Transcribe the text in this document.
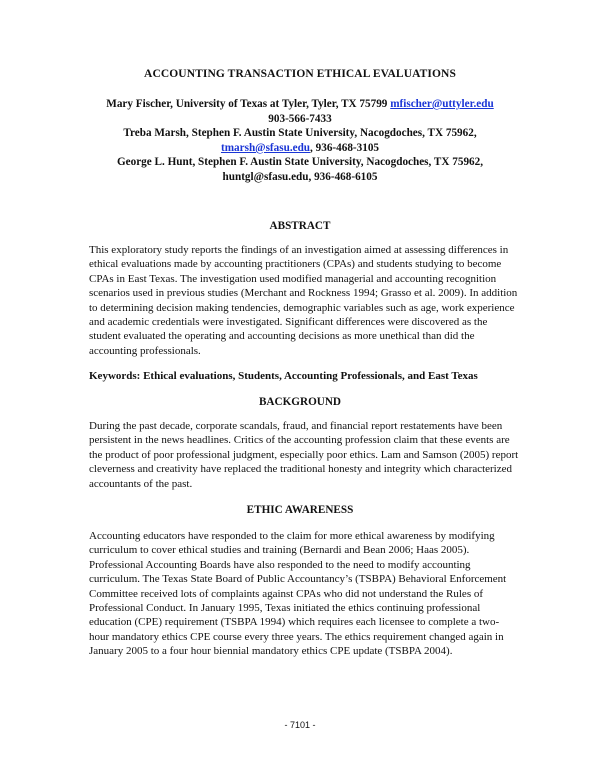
ACCOUNTING TRANSACTION ETHICAL EVALUATIONS

Mary Fischer, University of Texas at Tyler, Tyler, TX 75799 mfischer@uttyler.edu
903-566-7433
Treba Marsh, Stephen F. Austin State University, Nacogdoches, TX 75962,
tmarsh@sfasu.edu, 936-468-3105
George L. Hunt, Stephen F. Austin State University, Nacogdoches, TX 75962,
huntgl@sfasu.edu, 936-468-6105

ABSTRACT

This exploratory study reports the findings of an investigation aimed at assessing differences in ethical evaluations made by accounting practitioners (CPAs) and students studying to become CPAs in East Texas. The investigation used modified managerial and accounting recognition scenarios used in previous studies (Merchant and Rockness 1994; Grasso et al. 2009). In addition to determining decision making tendencies, demographic variables such as age, work experience and academic credentials were investigated. Significant differences were discovered as the student evaluated the operating and accounting decisions as more unethical than did the accounting professionals.

Keywords: Ethical evaluations, Students, Accounting Professionals, and East Texas

BACKGROUND

During the past decade, corporate scandals, fraud, and financial report restatements have been persistent in the news headlines. Critics of the accounting profession claim that these events are the product of poor professional judgment, especially poor ethics. Lam and Samson (2005) report cleverness and creativity have replaced the traditional honesty and integrity which characterized accountants of the past.

ETHIC AWARENESS

Accounting educators have responded to the claim for more ethical awareness by modifying curriculum to cover ethical studies and training (Bernardi and Bean 2006; Haas 2005). Professional Accounting Boards have also responded to the need to modify accounting curriculum. The Texas State Board of Public Accountancy’s (TSBPA) Behavioral Enforcement Committee received lots of complaints against CPAs who did not understand the Rules of Professional Conduct. In January 1995, Texas initiated the ethics continuing professional education (CPE) requirement (TSBPA 1994) which requires each licensee to complete a two-hour mandatory ethics CPE course every three years. The ethics requirement changed again in January 2005 to a four hour biennial mandatory ethics CPE update (TSBPA 2004).

- 7101 -
